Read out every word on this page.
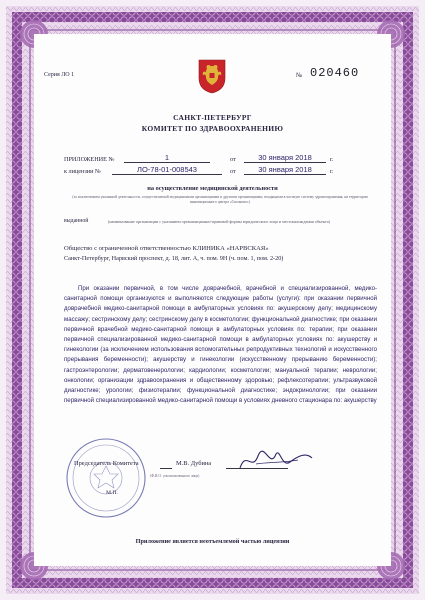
Серия ЛО 1	№ 020460
САНКТ-ПЕТЕРБУРГ
КОМИТЕТ ПО ЗДРАВООХРАНЕНИЮ
ПРИЛОЖЕНИЕ №	1	от	30 января 2018	г.
к лицензии №	ЛО-78-01-008543	от	30 января 2018	г.
на осуществление медицинской деятельности
(за исключением указанной деятельности, осуществляемой медицинскими организациями и другими организациями, входящими в частную систему здравоохранения, на территории инновационного центра «Сколково»)
выданной	(наименование организации с указанием организационно-правовой формы юридического лица и местонахождения объекта)
Общество с ограниченной ответственностью КЛИНИКА «НАРВСКАЯ»
Санкт-Петербург, Нарвский проспект, д. 18, лит. А, ч. пом. 9Н (ч. пом. 1, пом. 2-20)
При оказании первичной, в том числе доврачебной, врачебной и специализированной, медико-санитарной помощи организуются и выполняются следующие работы (услуги): при оказании первичной доврачебной медико-санитарной помощи в амбулаторных условиях по: акушерскому делу; медицинскому массажу; сестринскому делу; сестринскому делу в косметологии; функциональной диагностике; при оказании первичной врачебной медико-санитарной помощи в амбулаторных условиях по: терапии; при оказании первичной специализированной медико-санитарной помощи в амбулаторных условиях по: акушерству и гинекологии (за исключением использования вспомогательных репродуктивных технологий и искусственного прерывания беременности); акушерству и гинекологии (искусственному прерыванию беременности); гастроэнтерологии; дерматовенерологии; кардиологии; косметологии; мануальной терапии; неврологии; онкологии; организации здравоохранения и общественному здоровью; рефлексотерапии; ультразвуковой диагностике; урологии; физиотерапии; функциональной диагностике; эндокринологии; при оказании первичной специализированной медико-санитарной помощи в условиях дневного стационара по: акушерству
Председатель Комитета	М.В. Дубина
(Ф.И.О. уполномоченного лица)
М.П.
Приложение является неотъемлемой частью лицензии
